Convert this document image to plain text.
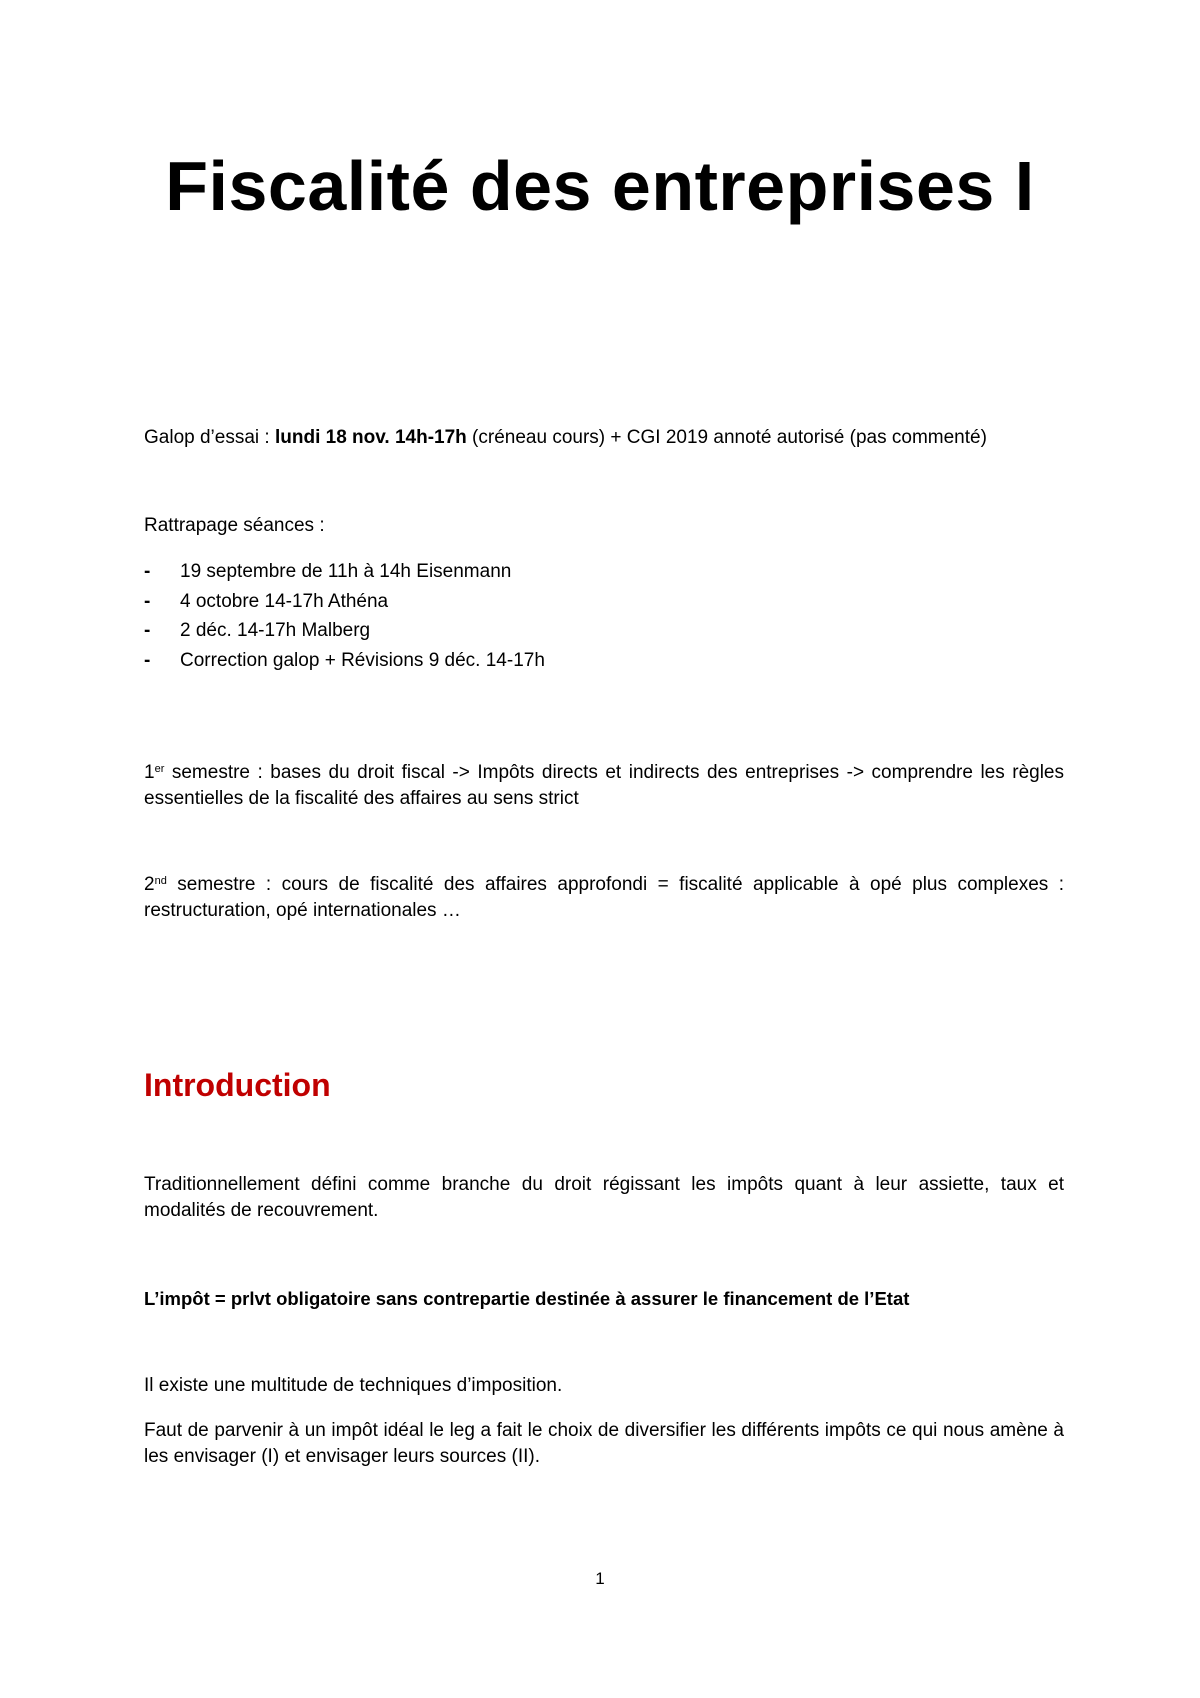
Fiscalité des entreprises I

Galop d’essai : lundi 18 nov. 14h-17h (créneau cours) + CGI 2019 annoté autorisé (pas commenté)

Rattrapage séances :

- 19 septembre de 11h à 14h Eisenmann
- 4 octobre 14-17h Athéna
- 2 déc. 14-17h Malberg
- Correction galop + Révisions 9 déc. 14-17h

1er semestre : bases du droit fiscal -> Impôts directs et indirects des entreprises -> comprendre les règles essentielles de la fiscalité des affaires au sens strict

2nd semestre : cours de fiscalité des affaires approfondi = fiscalité applicable à opé plus complexes : restructuration, opé internationales …

Introduction

Traditionnellement défini comme branche du droit régissant les impôts quant à leur assiette, taux et modalités de recouvrement.

L’impôt = prlvt obligatoire sans contrepartie destinée à assurer le financement de l’Etat

Il existe une multitude de techniques d’imposition.

Faut de parvenir à un impôt idéal le leg a fait le choix de diversifier les différents impôts ce qui nous amène à les envisager (I) et envisager leurs sources (II).

1
